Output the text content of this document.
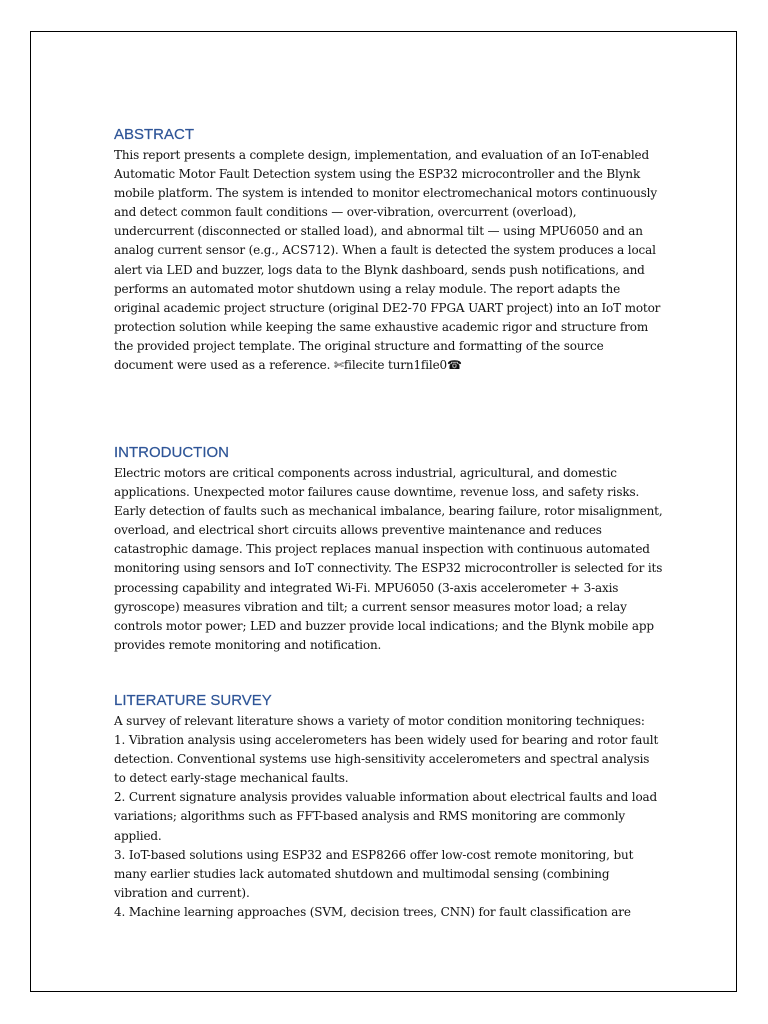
ABSTRACT
This report presents a complete design, implementation, and evaluation of an IoT-enabled
Automatic Motor Fault Detection system using the ESP32 microcontroller and the Blynk
mobile platform. The system is intended to monitor electromechanical motors continuously
and detect common fault conditions — over-vibration, overcurrent (overload),
undercurrent (disconnected or stalled load), and abnormal tilt — using MPU6050 and an
analog current sensor (e.g., ACS712). When a fault is detected the system produces a local
alert via LED and buzzer, logs data to the Blynk dashboard, sends push notifications, and
performs an automated motor shutdown using a relay module. The report adapts the
original academic project structure (original DE2-70 FPGA UART project) into an IoT motor
protection solution while keeping the same exhaustive academic rigor and structure from
the provided project template. The original structure and formatting of the source
document were used as a reference. ✄filecite turn1file0☎
INTRODUCTION
Electric motors are critical components across industrial, agricultural, and domestic
applications. Unexpected motor failures cause downtime, revenue loss, and safety risks.
Early detection of faults such as mechanical imbalance, bearing failure, rotor misalignment,
overload, and electrical short circuits allows preventive maintenance and reduces
catastrophic damage. This project replaces manual inspection with continuous automated
monitoring using sensors and IoT connectivity. The ESP32 microcontroller is selected for its
processing capability and integrated Wi-Fi. MPU6050 (3-axis accelerometer + 3-axis
gyroscope) measures vibration and tilt; a current sensor measures motor load; a relay
controls motor power; LED and buzzer provide local indications; and the Blynk mobile app
provides remote monitoring and notification.
LITERATURE SURVEY
A survey of relevant literature shows a variety of motor condition monitoring techniques:
1. Vibration analysis using accelerometers has been widely used for bearing and rotor fault
detection. Conventional systems use high-sensitivity accelerometers and spectral analysis
to detect early-stage mechanical faults.
2. Current signature analysis provides valuable information about electrical faults and load
variations; algorithms such as FFT-based analysis and RMS monitoring are commonly
applied.
3. IoT-based solutions using ESP32 and ESP8266 offer low-cost remote monitoring, but
many earlier studies lack automated shutdown and multimodal sensing (combining
vibration and current).
4. Machine learning approaches (SVM, decision trees, CNN) for fault classification are
